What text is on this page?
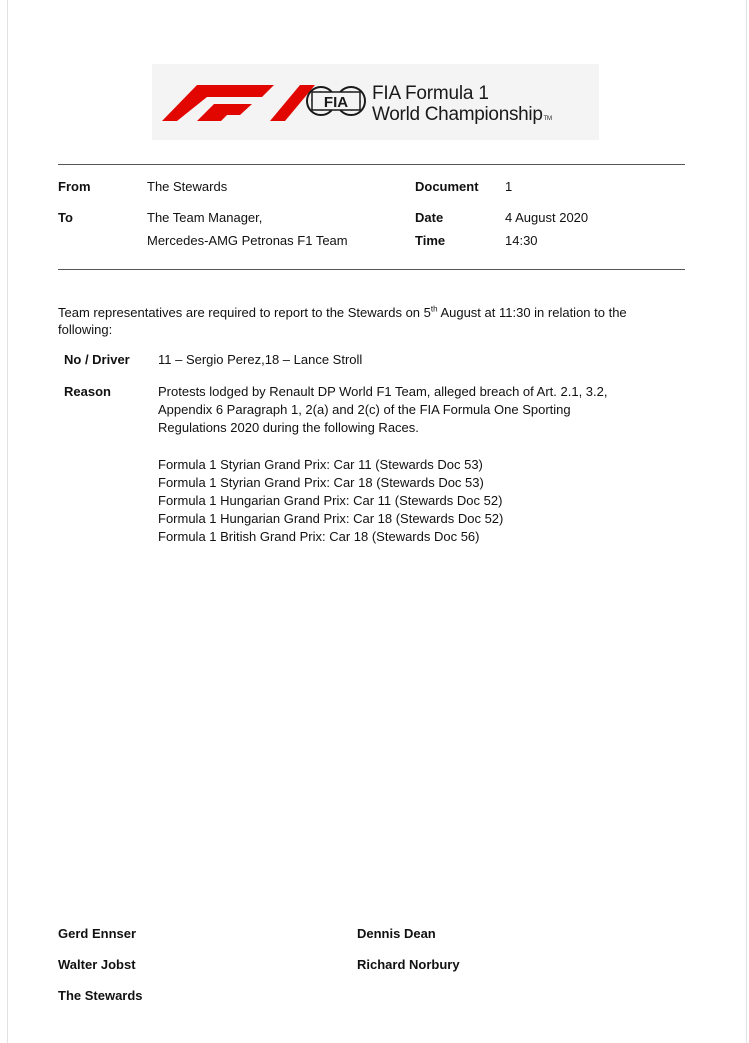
FIA FIA Formula 1
World ChampionshipTM
From	The Stewards	Document 1
To	The Team Manager,
Mercedes-AMG Petronas F1 Team
Date	4 August 2020
Time	14:30
Team representatives are required to report to the Stewards on 5th August at 11:30 in relation to the following:
No / Driver 11 – Sergio Perez,18 – Lance Stroll
Reason	Protests lodged by Renault DP World F1 Team, alleged breach of Art. 2.1, 3.2, Appendix 6 Paragraph 1, 2(a) and 2(c) of the FIA Formula One Sporting Regulations 2020 during the following Races.
Formula 1 Styrian Grand Prix: Car 11 (Stewards Doc 53)
Formula 1 Styrian Grand Prix: Car 18 (Stewards Doc 53)
Formula 1 Hungarian Grand Prix: Car 11 (Stewards Doc 52)
Formula 1 Hungarian Grand Prix: Car 18 (Stewards Doc 52)
Formula 1 British Grand Prix: Car 18 (Stewards Doc 56)
Gerd Ennser	Dennis Dean
Walter Jobst	Richard Norbury
The Stewards
